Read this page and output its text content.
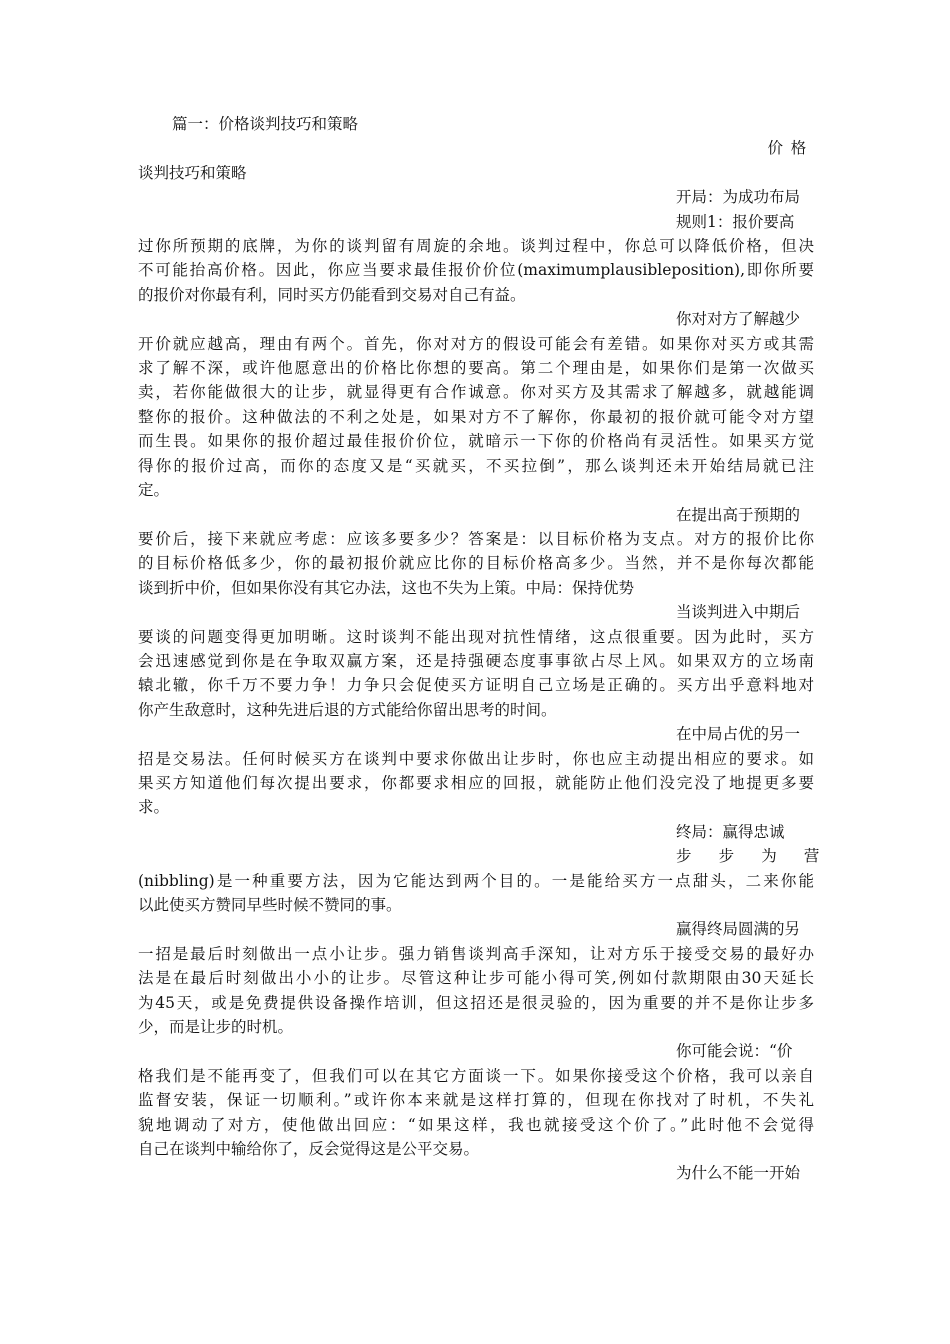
篇一：价格谈判技巧和策略
价格
谈判技巧和策略
开局：为成功布局
规则1：报价要高
过你所预期的底牌，为你的谈判留有周旋的余地。谈判过程中，你总可以降低价格，但决
不可能抬高价格。因此，你应当要求最佳报价价位(maximumplausibleposition),即你所要
的报价对你最有利，同时买方仍能看到交易对自己有益。
你对对方了解越少
开价就应越高，理由有两个。首先，你对对方的假设可能会有差错。如果你对买方或其需
求了解不深，或许他愿意出的价格比你想的要高。第二个理由是，如果你们是第一次做买
卖，若你能做很大的让步，就显得更有合作诚意。你对买方及其需求了解越多，就越能调
整你的报价。这种做法的不利之处是，如果对方不了解你，你最初的报价就可能令对方望
而生畏。如果你的报价超过最佳报价价位，就暗示一下你的价格尚有灵活性。如果买方觉
得你的报价过高，而你的态度又是“买就买，不买拉倒”，那么谈判还未开始结局就已注
定。
在提出高于预期的
要价后，接下来就应考虑：应该多要多少？答案是：以目标价格为支点。对方的报价比你
的目标价格低多少，你的最初报价就应比你的目标价格高多少。当然，并不是你每次都能
谈到折中价，但如果你没有其它办法，这也不失为上策。中局：保持优势
当谈判进入中期后
要谈的问题变得更加明晰。这时谈判不能出现对抗性情绪，这点很重要。因为此时，买方
会迅速感觉到你是在争取双赢方案，还是持强硬态度事事欲占尽上风。如果双方的立场南
辕北辙，你千万不要力争！力争只会促使买方证明自己立场是正确的。买方出乎意料地对
你产生敌意时，这种先进后退的方式能给你留出思考的时间。
在中局占优的另一
招是交易法。任何时候买方在谈判中要求你做出让步时，你也应主动提出相应的要求。如
果买方知道他们每次提出要求，你都要求相应的回报，就能防止他们没完没了地提更多要
求。
终局：赢得忠诚
步步为营
(nibbling)是一种重要方法，因为它能达到两个目的。一是能给买方一点甜头，二来你能
以此使买方赞同早些时候不赞同的事。
赢得终局圆满的另
一招是最后时刻做出一点小让步。强力销售谈判高手深知，让对方乐于接受交易的最好办
法是在最后时刻做出小小的让步。尽管这种让步可能小得可笑,例如付款期限由30天延长
为45天，或是免费提供设备操作培训，但这招还是很灵验的，因为重要的并不是你让步多
少，而是让步的时机。
你可能会说：“价
格我们是不能再变了，但我们可以在其它方面谈一下。如果你接受这个价格，我可以亲自
监督安装，保证一切顺利。”或许你本来就是这样打算的，但现在你找对了时机，不失礼
貌地调动了对方，使他做出回应：“如果这样，我也就接受这个价了。”此时他不会觉得
自己在谈判中输给你了，反会觉得这是公平交易。
为什么不能一开始
